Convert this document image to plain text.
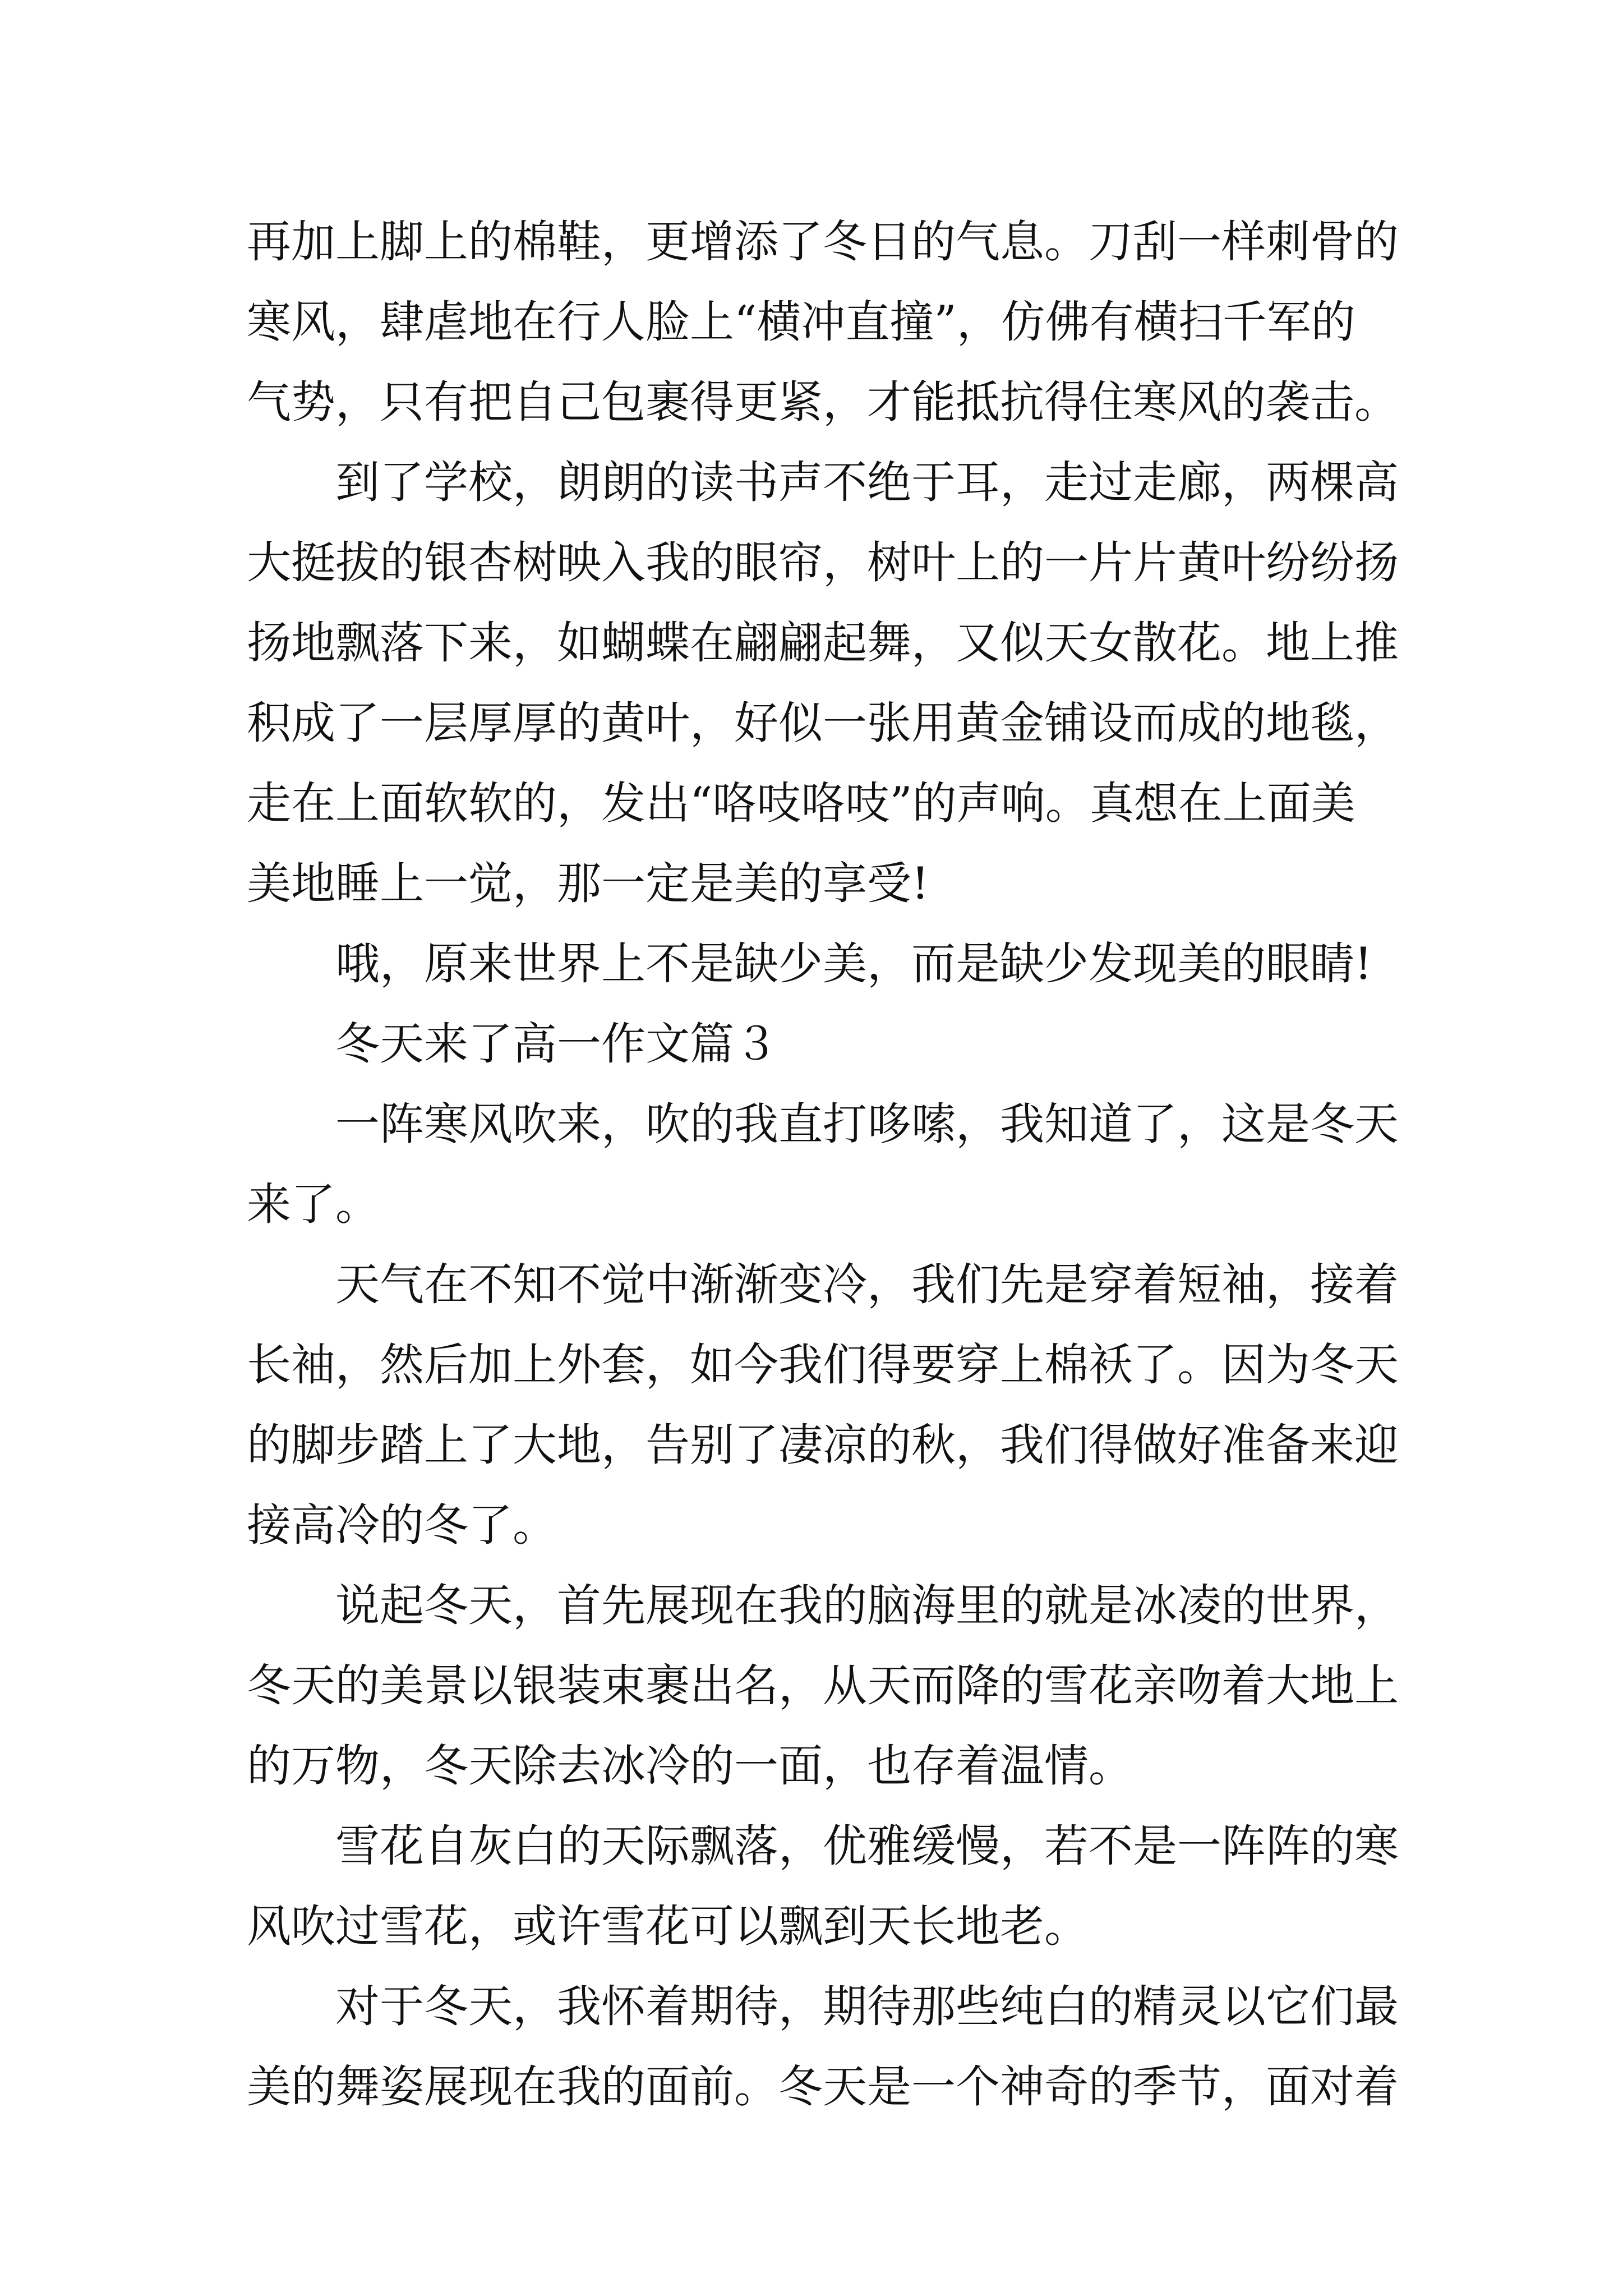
再加上脚上的棉鞋，更增添了冬日的气息。刀刮一样刺骨的
寒风，肆虐地在行人脸上“横冲直撞”，仿佛有横扫千军的
气势，只有把自己包裹得更紧，才能抵抗得住寒风的袭击。
到了学校，朗朗的读书声不绝于耳，走过走廊，两棵高
大挺拔的银杏树映入我的眼帘，树叶上的一片片黄叶纷纷扬
扬地飘落下来，如蝴蝶在翩翩起舞，又似天女散花。地上推
积成了一层厚厚的黄叶，好似一张用黄金铺设而成的地毯，
走在上面软软的，发出“咯吱咯吱”的声响。真想在上面美
美地睡上一觉，那一定是美的享受!
哦，原来世界上不是缺少美，而是缺少发现美的眼睛!
冬天来了高一作文篇３
一阵寒风吹来，吹的我直打哆嗦，我知道了，这是冬天
来了。
天气在不知不觉中渐渐变冷，我们先是穿着短袖，接着
长袖，然后加上外套，如今我们得要穿上棉袄了。因为冬天
的脚步踏上了大地，告别了凄凉的秋，我们得做好准备来迎
接高冷的冬了。
说起冬天，首先展现在我的脑海里的就是冰凌的世界，
冬天的美景以银装束裹出名，从天而降的雪花亲吻着大地上
的万物，冬天除去冰冷的一面，也存着温情。
雪花自灰白的天际飘落，优雅缓慢，若不是一阵阵的寒
风吹过雪花，或许雪花可以飘到天长地老。
对于冬天，我怀着期待，期待那些纯白的精灵以它们最
美的舞姿展现在我的面前。冬天是一个神奇的季节，面对着
